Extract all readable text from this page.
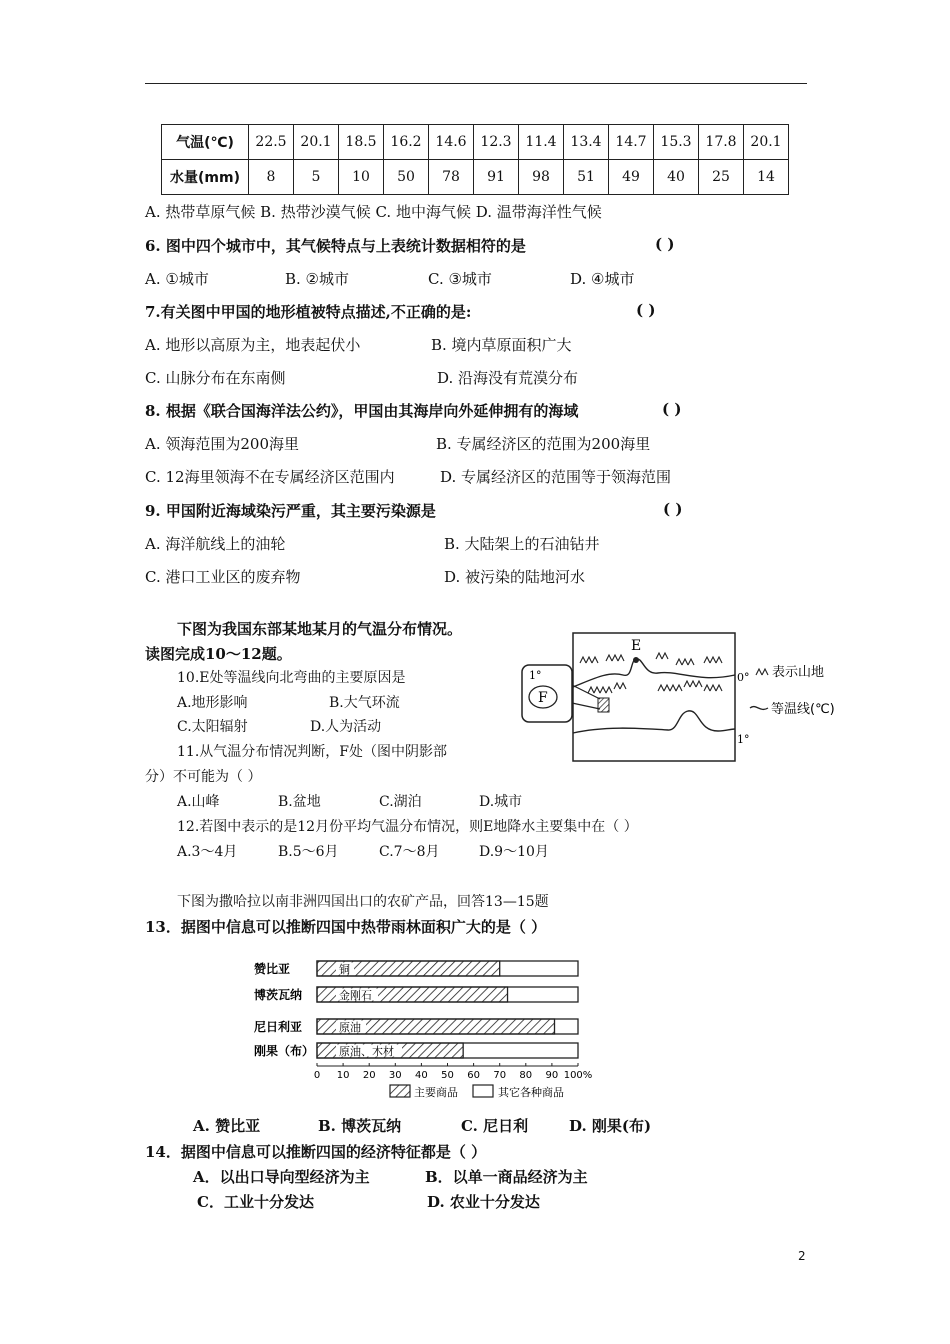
气温(℃)	22.5	20.1	18.5	16.2	14.6	12.3	11.4	13.4	14.7	15.3	17.8	20.1
水量(mm)	8	5	10	50	78	91	98	51	49	40	25	14
A. 热带草原气候 B. 热带沙漠气候 C. 地中海气候 D. 温带海洋性气候
6. 图中四个城市中，其气候特点与上表统计数据相符的是	( )
A. ①城市	B. ②城市	C. ③城市	D. ④城市
7.有关图中甲国的地形植被特点描述,不正确的是:	( )
A. 地形以高原为主，地表起伏小	B. 境内草原面积广大
C. 山脉分布在东南侧	D. 沿海没有荒漠分布
8. 根据《联合国海洋法公约》，甲国由其海岸向外延伸拥有的海域	( )
A. 领海范围为200海里	B. 专属经济区的范围为200海里
C. 12海里领海不在专属经济区范围内	D. 专属经济区的范围等于领海范围
9. 甲国附近海域染污严重，其主要污染源是	( )
A. 海洋航线上的油轮	B. 大陆架上的石油钻井
C. 港口工业区的废弃物	D. 被污染的陆地河水
下图为我国东部某地某月的气温分布情况。
读图完成10～12题。
10.E处等温线向北弯曲的主要原因是
A.地形影响	B.大气环流
C.太阳辐射	D.人为活动
11.从气温分布情况判断，F处（图中阴影部
分）不可能为（ ）
A.山峰	B.盆地	C.湖泊	D.城市
12.若图中表示的是12月份平均气温分布情况，则E地降水主要集中在（ ）
A.3～4月	B.5～6月	C.7～8月	D.9～10月
F
1°
E
0°
1°
表示山地
等温线(℃)
下图为撒哈拉以南非洲四国出口的农矿产品，回答13—15题
13．据图中信息可以推断四国中热带雨林面积广大的是（ ）
赞比亚	铜
博茨瓦纳	金刚石
尼日利亚	原油
刚果（布） 原油、木材
0 10 20 30 40 50 60 70 80 90 100%
主要商品	其它各种商品
A. 赞比亚	B. 博茨瓦纳	C. 尼日利	D. 刚果(布)
14．据图中信息可以推断四国的经济特征都是（ ）
A．以出口导向型经济为主	B．以单一商品经济为主
C．工业十分发达	D. 农业十分发达
2
